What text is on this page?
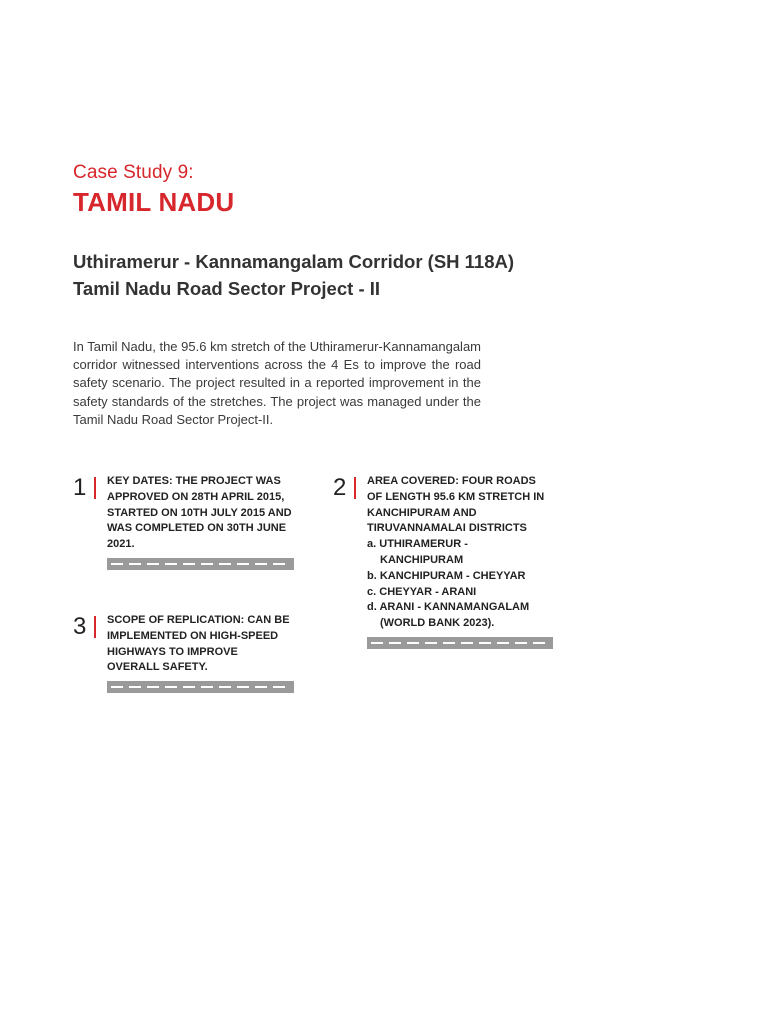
Case Study 9:
TAMIL NADU
Uthiramerur - Kannamangalam Corridor (SH 118A)
Tamil Nadu Road Sector Project - II
In Tamil Nadu, the 95.6 km stretch of the Uthiramerur-Kannamangalam corridor witnessed interventions across the 4 Es to improve the road safety scenario. The project resulted in a reported improvement in the safety standards of the stretches. The project was managed under the Tamil Nadu Road Sector Project-II.
1 KEY DATES: THE PROJECT WAS APPROVED ON 28TH APRIL 2015, STARTED ON 10TH JULY 2015 AND WAS COMPLETED ON 30TH JUNE 2021.
2 AREA COVERED: FOUR ROADS OF LENGTH 95.6 KM STRETCH IN KANCHIPURAM AND TIRUVANNAMALAI DISTRICTS
a. UTHIRAMERUR - KANCHIPURAM
b. KANCHIPURAM - CHEYYAR
c. CHEYYAR - ARANI
d. ARANI - KANNAMANGALAM (WORLD BANK 2023).
3 SCOPE OF REPLICATION: CAN BE IMPLEMENTED ON HIGH-SPEED HIGHWAYS TO IMPROVE OVERALL SAFETY.
